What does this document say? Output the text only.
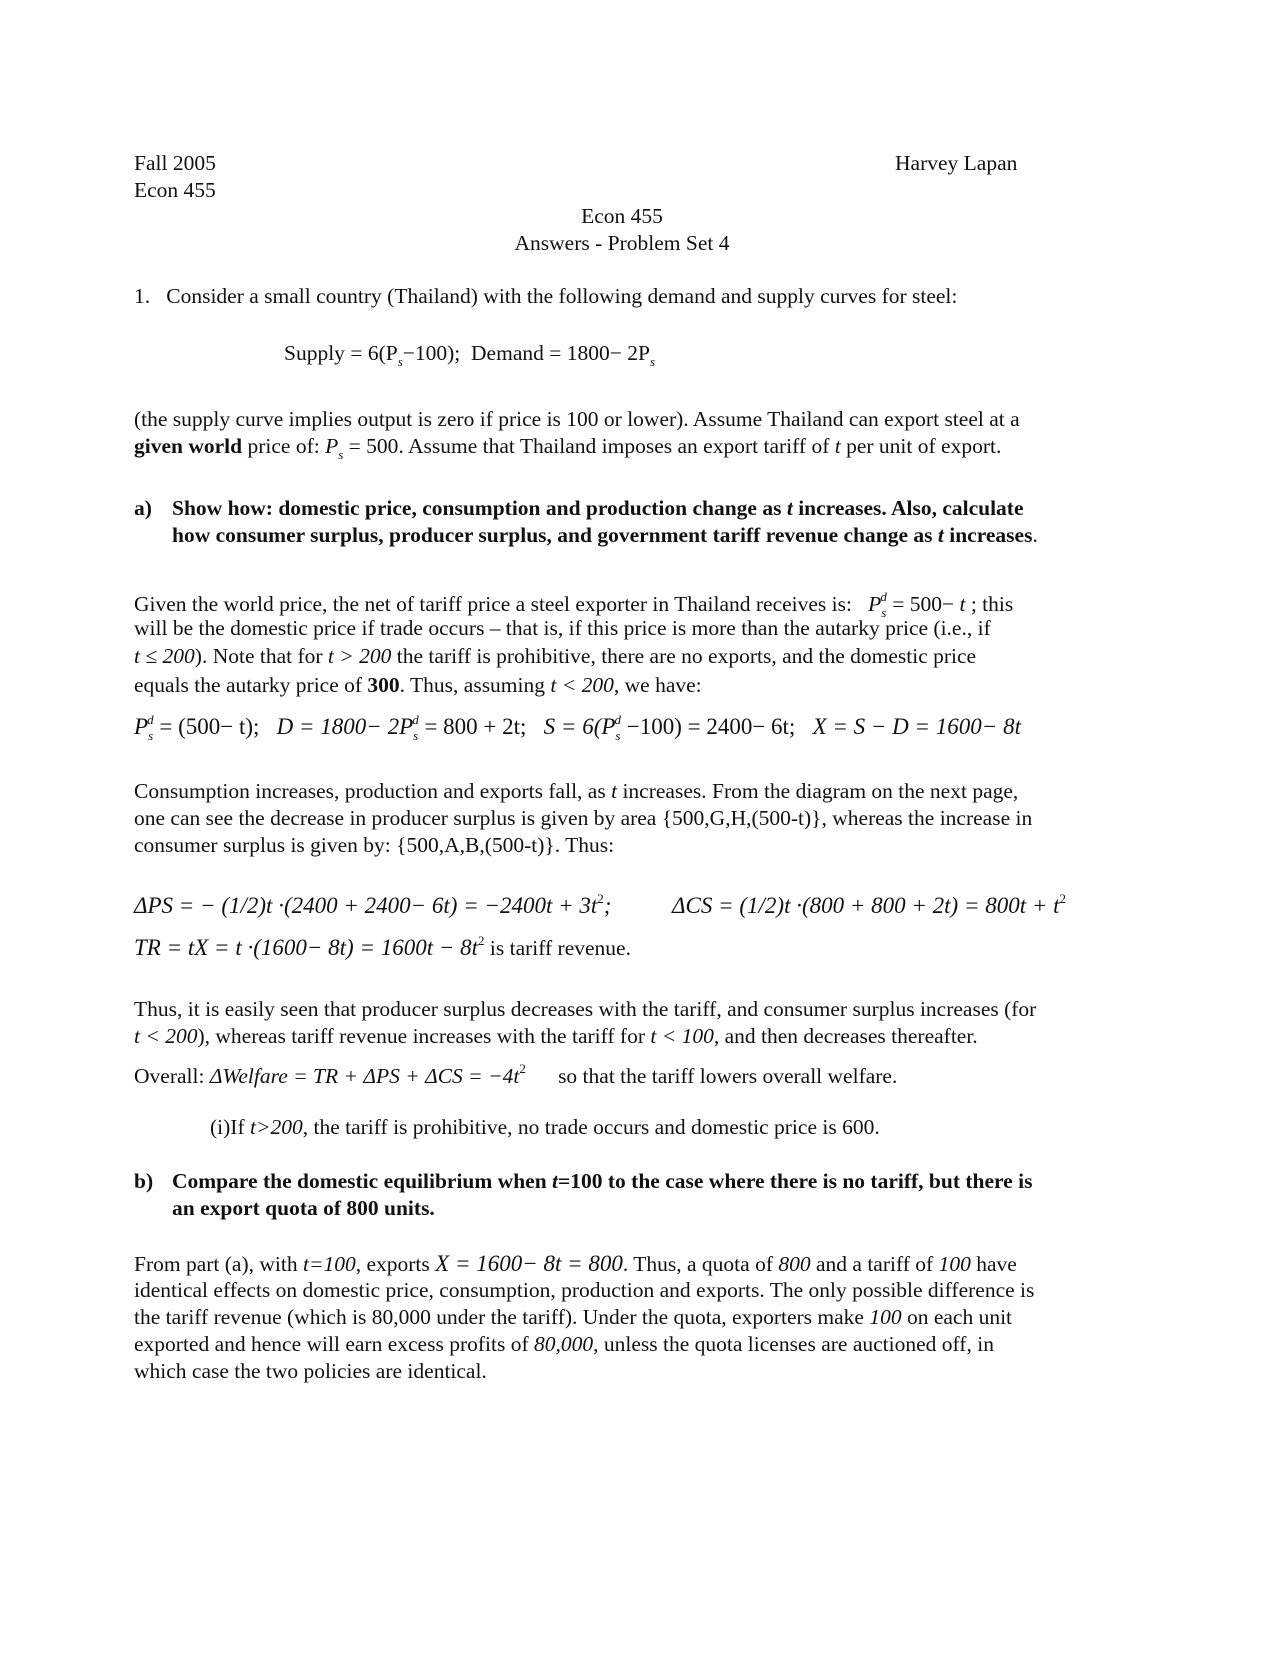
Fall 2005
Econ 455
Harvey Lapan
Econ 455
Answers - Problem Set 4
1. Consider a small country (Thailand) with the following demand and supply curves for steel:
Supply = $6(P_s-100)$; Demand = $1800- 2P_s$
(the supply curve implies output is zero if price is 100 or lower). Assume Thailand can export steel at a
given world price of: $P_s = 500$. Assume that Thailand imposes an export tariff of t per unit of export.
a) Show how: domestic price, consumption and production change as t increases. Also, calculate
how consumer surplus, producer surplus, and government tariff revenue change as t increases.
Given the world price, the net of tariff price a steel exporter in Thailand receives is: $P_s^d = 500- t$ ; this
will be the domestic price if trade occurs – that is, if this price is more than the autarky price (i.e., if
t ≤ 200). Note that for t > 200 the tariff is prohibitive, there are no exports, and the domestic price
equals the autarky price of 300. Thus, assuming t < 200, we have:
$P_s^d = (500- t)$; $D = 1800- 2P_s^d = 800 + 2t$; $S = 6(P_s^d -100) = 2400- 6t$; X = S − D = 1600− 8t
Consumption increases, production and exports fall, as t increases. From the diagram on the next page,
one can see the decrease in producer surplus is given by area {500,G,H,(500-t)}, whereas the increase in
consumer surplus is given by: {500,A,B,(500-t)}. Thus:
ΔPS = − $(1/2)t \cdot(2400 + 2400- 6t) = -2400t + 3t^2$;	$\Delta CS = (1/2)t \cdot(800 + 800 + 2t) = 800t + t^2$
TR = tX = $t \cdot(1600- 8t) = 1600t - 8t^2$ is tariff revenue.
Thus, it is easily seen that producer surplus decreases with the tariff, and consumer surplus increases (for
t < 200), whereas tariff revenue increases with the tariff for t < 100, and then decreases thereafter.
Overall: ΔWelfare = TR + $\Delta PS + \Delta CS = -4t^2$ so that the tariff lowers overall welfare.
(i)If t>200, the tariff is prohibitive, no trade occurs and domestic price is 600.
b) Compare the domestic equilibrium when t=100 to the case where there is no tariff, but there is
an export quota of 800 units.
From part (a), with t=100, exports X = 1600− 8t = 800. Thus, a quota of 800 and a tariff of 100 have
identical effects on domestic price, consumption, production and exports. The only possible difference is
the tariff revenue (which is 80,000 under the tariff). Under the quota, exporters make 100 on each unit
exported and hence will earn excess profits of 80,000, unless the quota licenses are auctioned off, in
which case the two policies are identical.
